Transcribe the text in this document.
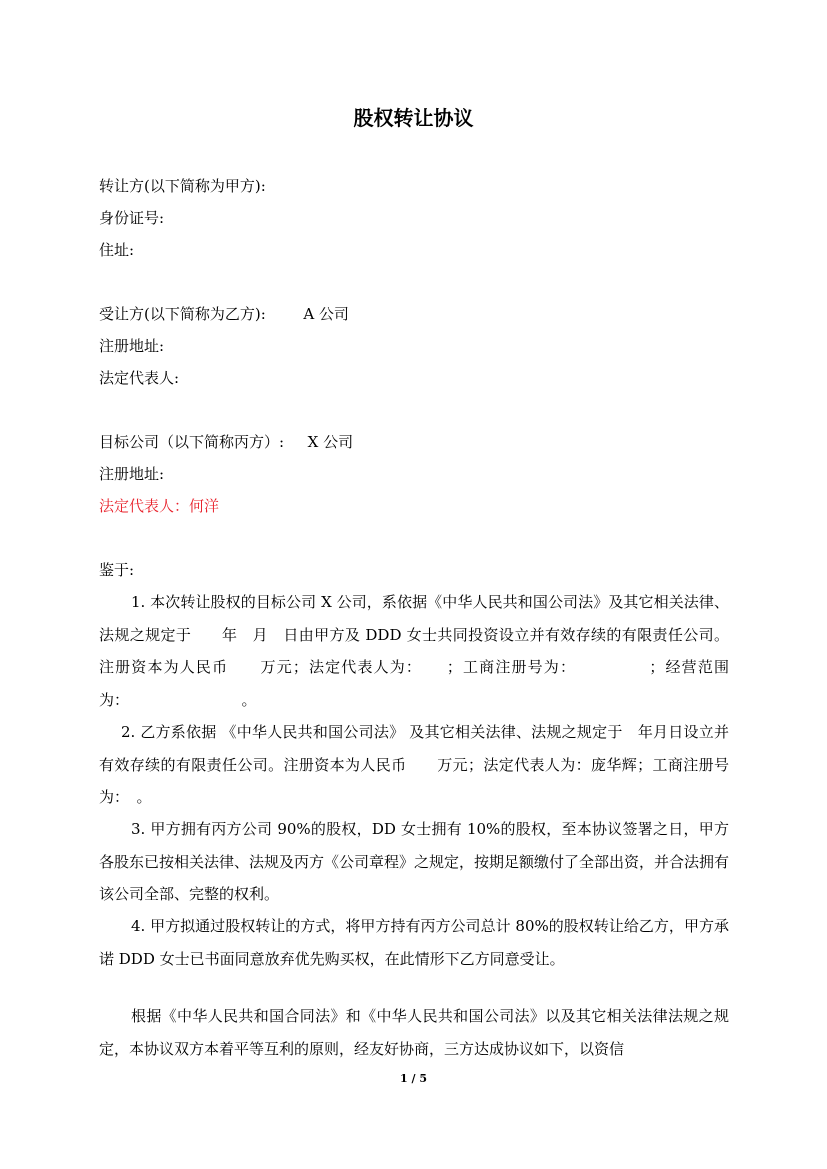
股权转让协议
转让方(以下简称为甲方):
身份证号:
住址:
受让方(以下简称为乙方):	A 公司
注册地址:
法定代表人:
目标公司（以下简称丙方）: X 公司
注册地址:
法定代表人：何洋
鉴于:
1. 本次转让股权的目标公司 X 公司，系依据《中华人民共和国公司法》及其它相关法律、法规之规定于　　年　月　日由甲方及 DDD 女士共同投资设立并有效存续的有限责任公司。注册资本为人民币　　万元；法定代表人为：　　；工商注册号为：　　　　　；经营范围为：　　　　　　　　。
2. 乙方系依据 《中华人民共和国公司法》 及其它相关法律、法规之规定于　年月日设立并有效存续的有限责任公司。注册资本为人民币　　万元；法定代表人为：庞华辉；工商注册号为：　。
3. 甲方拥有丙方公司 90%的股权，DD 女士拥有 10%的股权，至本协议签署之日，甲方各股东已按相关法律、法规及丙方《公司章程》之规定，按期足额缴付了全部出资，并合法拥有该公司全部、完整的权利。
4. 甲方拟通过股权转让的方式，将甲方持有丙方公司总计 80%的股权转让给乙方，甲方承诺 DDD 女士已书面同意放弃优先购买权，在此情形下乙方同意受让。
根据《中华人民共和国合同法》和《中华人民共和国公司法》以及其它相关法律法规之规定，本协议双方本着平等互利的原则，经友好协商，三方达成协议如下，以资信
1 / 5
